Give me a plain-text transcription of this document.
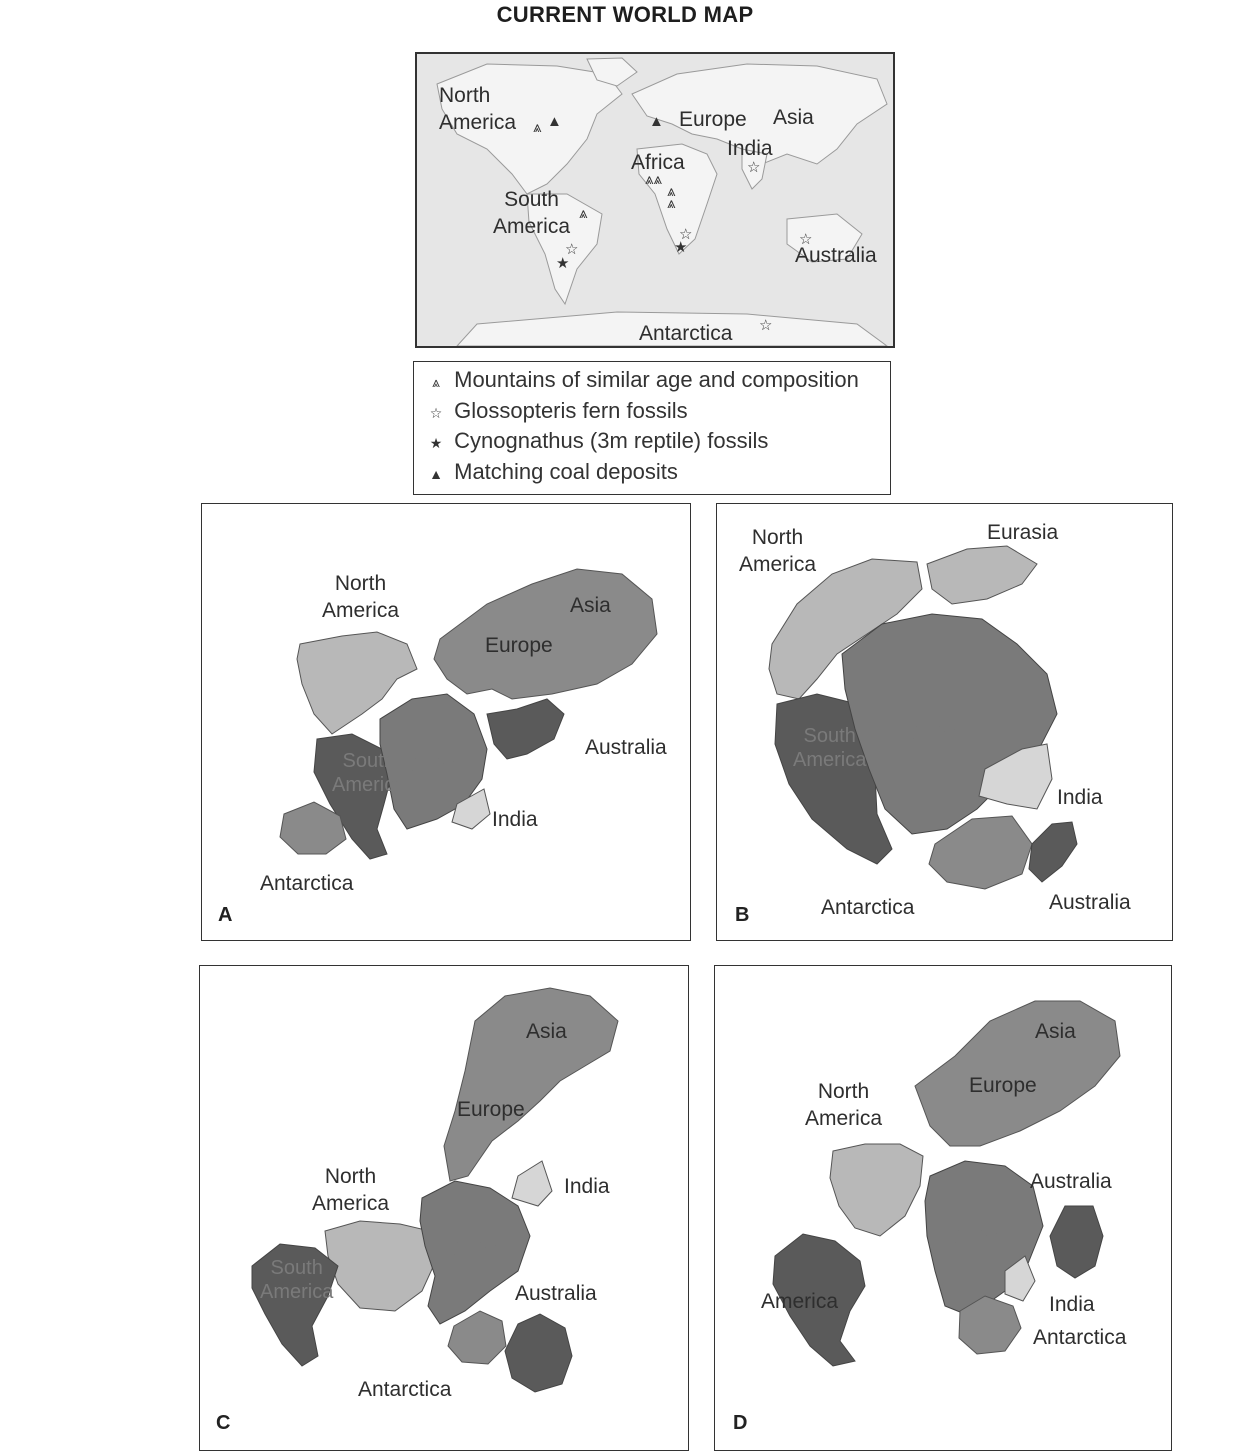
CURRENT WORLD MAP
North
America	Europe Asia
India
Africa
South
America
Australia
Antarctica
⩓ ▲	▲
⩓⩓
⩓
⩓
⩓
☆
★
☆
★
☆
☆
☆
⩓ Mountains of similar age and composition
☆ Glossopteris fern fossils
★ Cynognathus (3m reptile) fossils
▲ Matching coal deposits
North
America	Asia
Europe
Australia
South
America
Africa
India
Antarctica
A
North
America
Eurasia
South
America
Africa
India
Antarctica	Australia
B
Asia
Europe
India
North
America
South
America
Africa
Australia
Antarctica
C
Asia
Europe
North
America
Australia
Africa
America	India
Antarctica
D
